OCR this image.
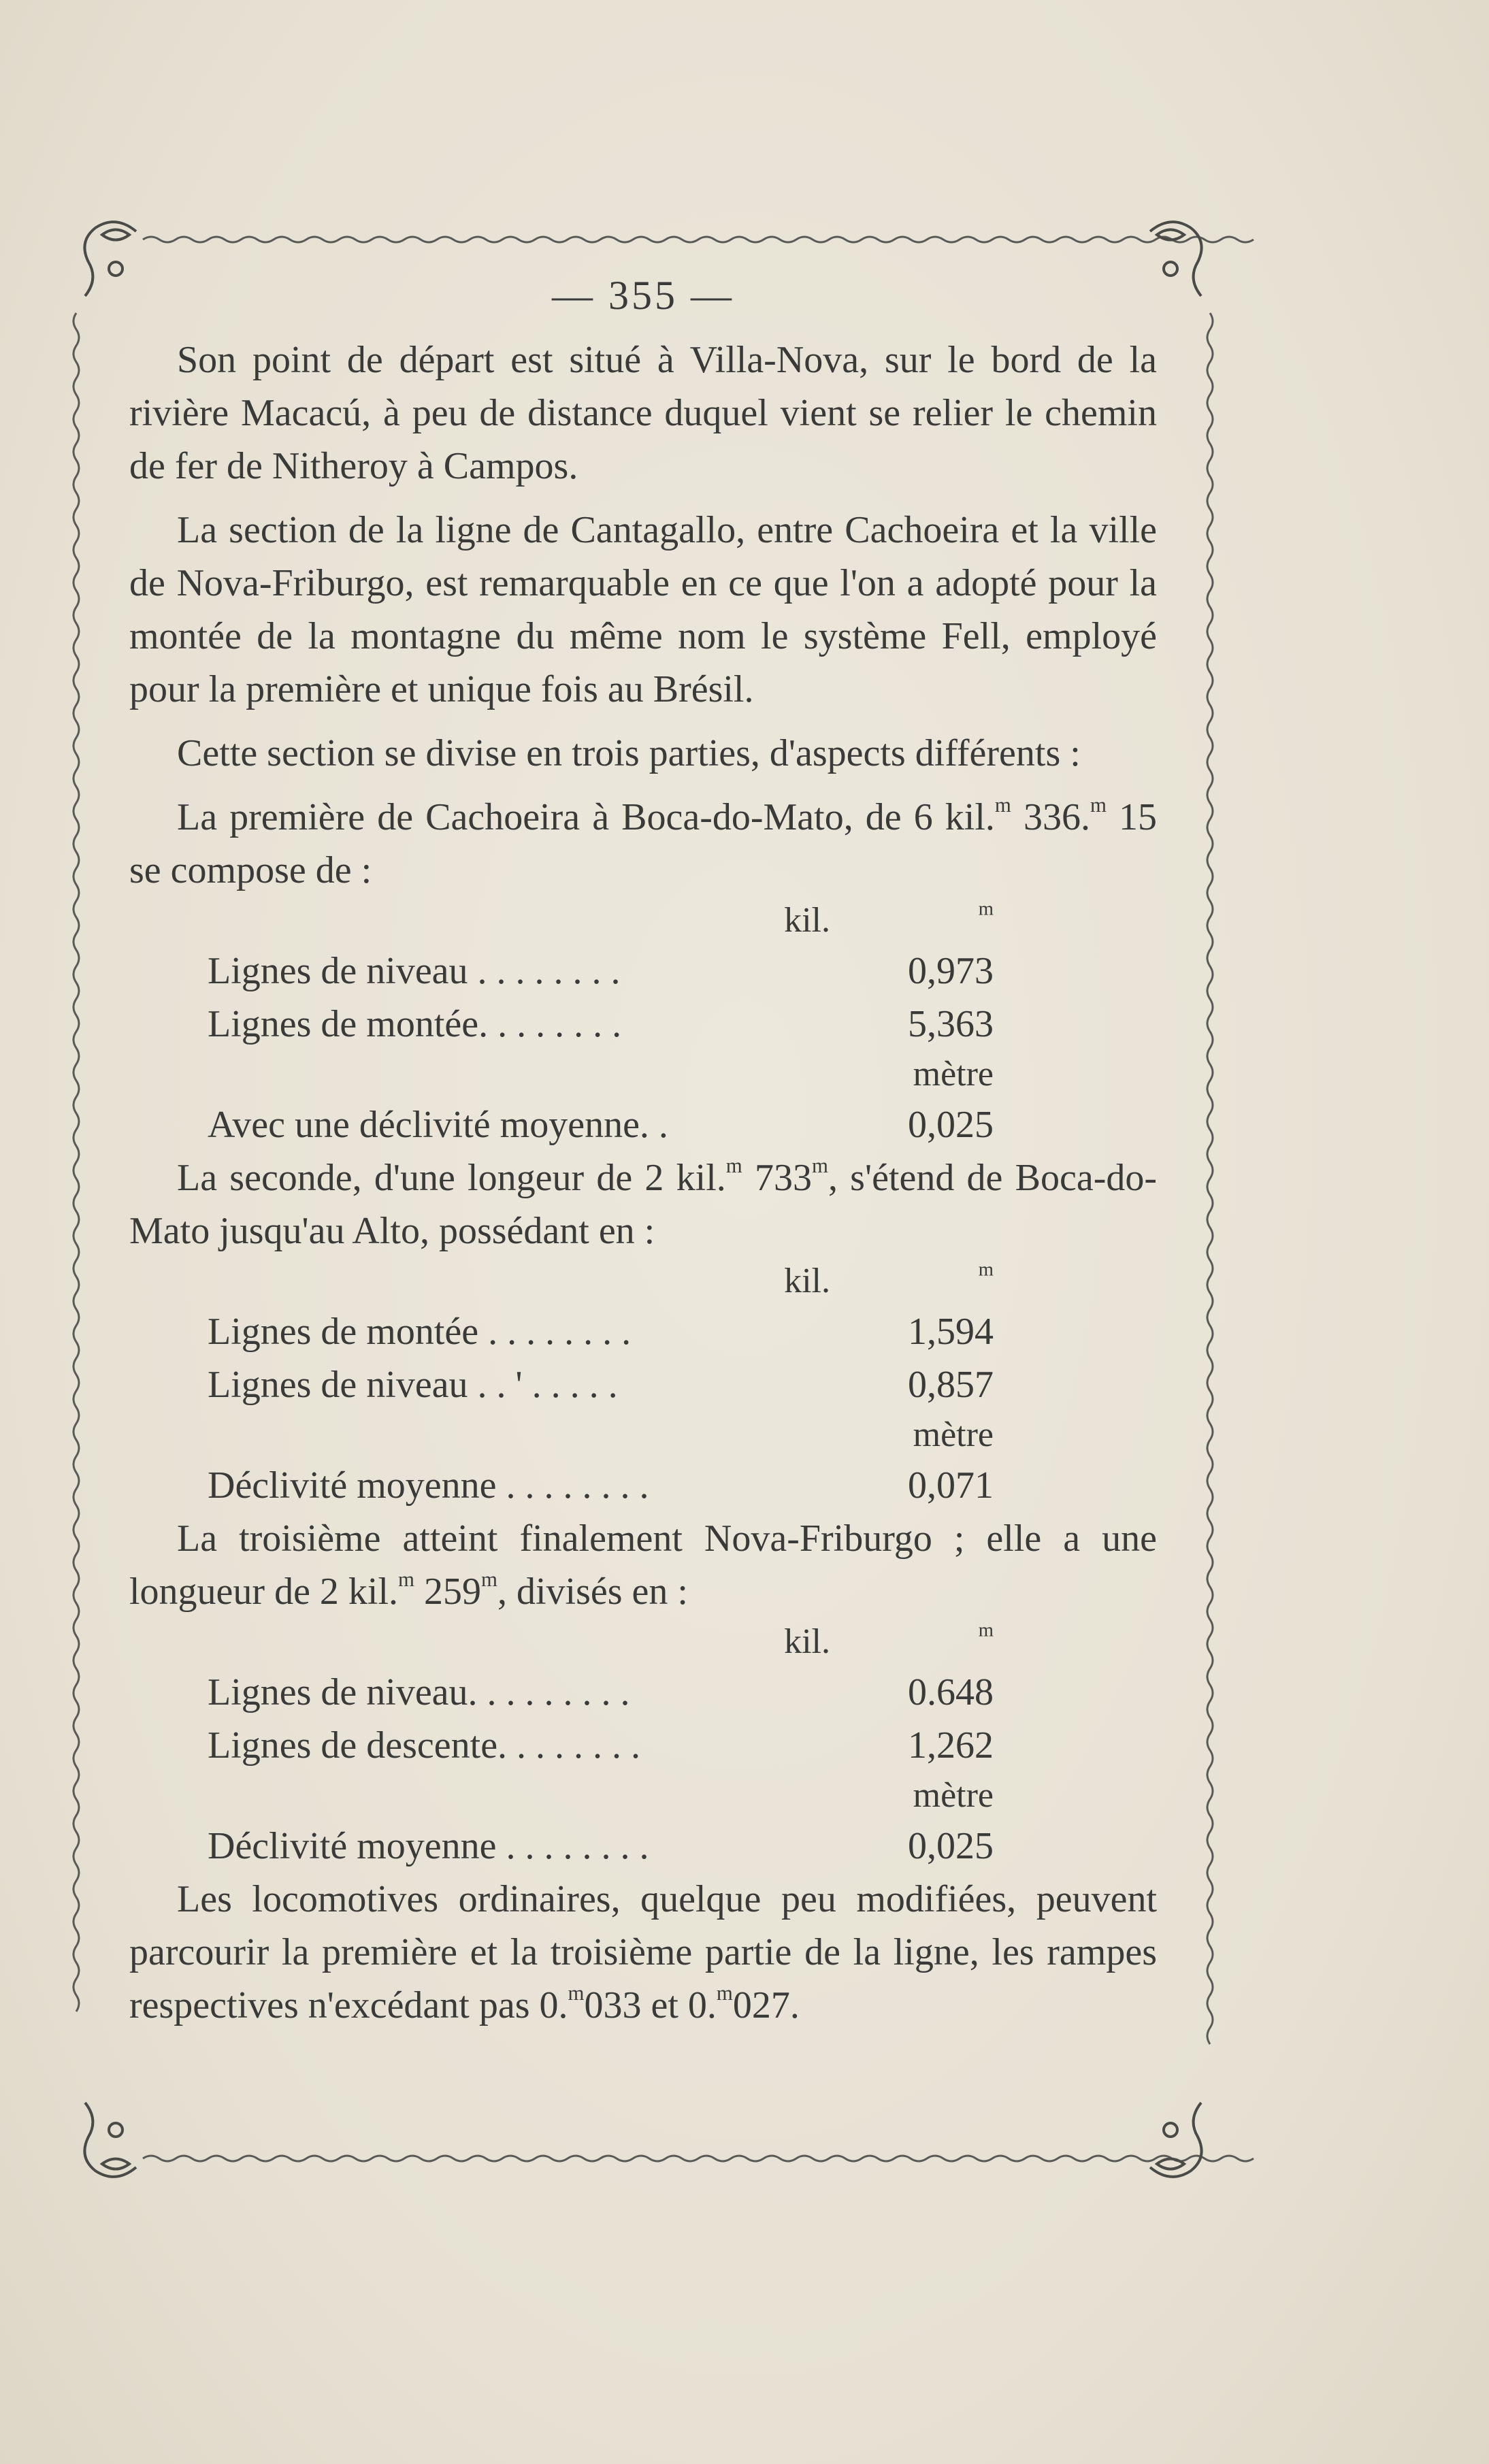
— 355 —

Son point de départ est situé à Villa-Nova, sur le bord de la rivière Macacú, à peu de distance duquel vient se relier le chemin de fer de Nitheroy à Campos.

La section de la ligne de Cantagallo, entre Cachoeira et la ville de Nova-Friburgo, est remarquable en ce que l'on a adopté pour la montée de la montagne du même nom le système Fell, employé pour la première et unique fois au Brésil.

Cette section se divise en trois parties, d'aspects différents :

La première de Cachoeira à Boca-do-Mato, de 6 kil.$^m$ 336.$^m$ 15 se compose de :

kil.	$^m$
Lignes de niveau . . . . . . . .	0,973
Lignes de montée. . . . . . . .	5,363
mètre
Avec une déclivité moyenne. .	0,025

La seconde, d'une longeur de 2 kil.$^m$ 733$^m$, s'étend de Boca-do-Mato jusqu'au Alto, possédant en :

kil.	$^m$
Lignes de montée . . . . . . . .	1,594
Lignes de niveau . . ' . . . . .	0,857
mètre
Déclivité moyenne . . . . . . . .	0,071

La troisième atteint finalement Nova-Friburgo ; elle a une longueur de 2 kil.$^m$ 259$^m$, divisés en :

kil.	$^m$
Lignes de niveau. . . . . . . . .	0.648
Lignes de descente. . . . . . . .	1,262
mètre
Déclivité moyenne . . . . . . . .	0,025

Les locomotives ordinaires, quelque peu modifiées, peuvent parcourir la première et la troisième partie de la ligne, les rampes respectives n'excédant pas 0.$^m$033 et 0.$^m$027.
